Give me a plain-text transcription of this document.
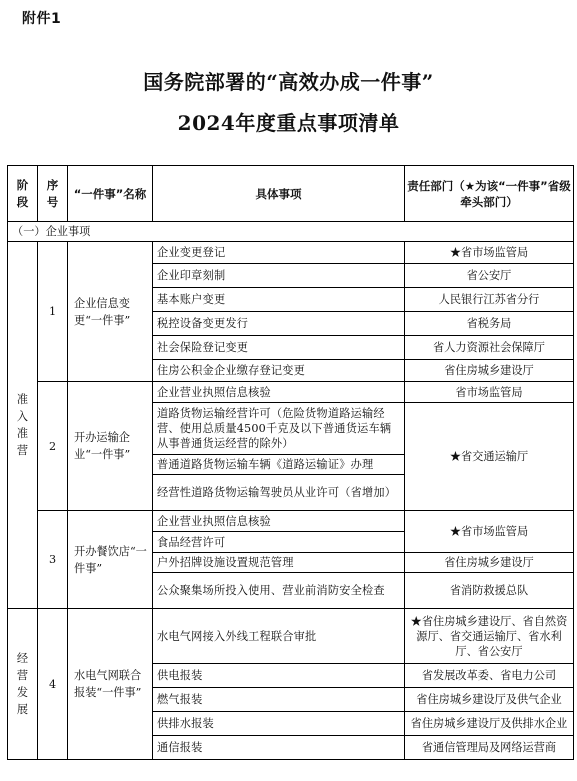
附件1
国务院部署的“高效办成一件事”
2024年度重点事项清单
阶段	序号	“一件事”名称	具体事项	责任部门（★为该“一件事”省级牵头部门）
（一）企业事项				
准入准营	1	企业信息变更“一件事”	企业变更登记	★省市场监管局
			企业印章刻制	省公安厅
			基本账户变更	人民银行江苏省分行
			税控设备变更发行	省税务局
			社会保险登记变更	省人力资源社会保障厅
			住房公积金企业缴存登记变更	省住房城乡建设厅
	2	开办运输企业“一件事”	企业营业执照信息核验	省市场监管局
			道路货物运输经营许可（危险货物道路运输经营、使用总质量4500千克及以下普通货运车辆从事普通货运经营的除外）	★省交通运输厅
			普通道路货物运输车辆《道路运输证》办理	
			经营性道路货物运输驾驶员从业许可（省增加）	
	3	开办餐饮店“一件事”	企业营业执照信息核验	★省市场监管局
			食品经营许可	
			户外招牌设施设置规范管理	省住房城乡建设厅
			公众聚集场所投入使用、营业前消防安全检查	省消防救援总队
经营发展	4	水电气网联合报装“一件事”	水电气网接入外线工程联合审批	★省住房城乡建设厅、省自然资源厅、省交通运输厅、省水利厅、省公安厅
			供电报装	省发展改革委、省电力公司
			燃气报装	省住房城乡建设厅及供气企业
			供排水报装	省住房城乡建设厅及供排水企业
			通信报装	省通信管理局及网络运营商
